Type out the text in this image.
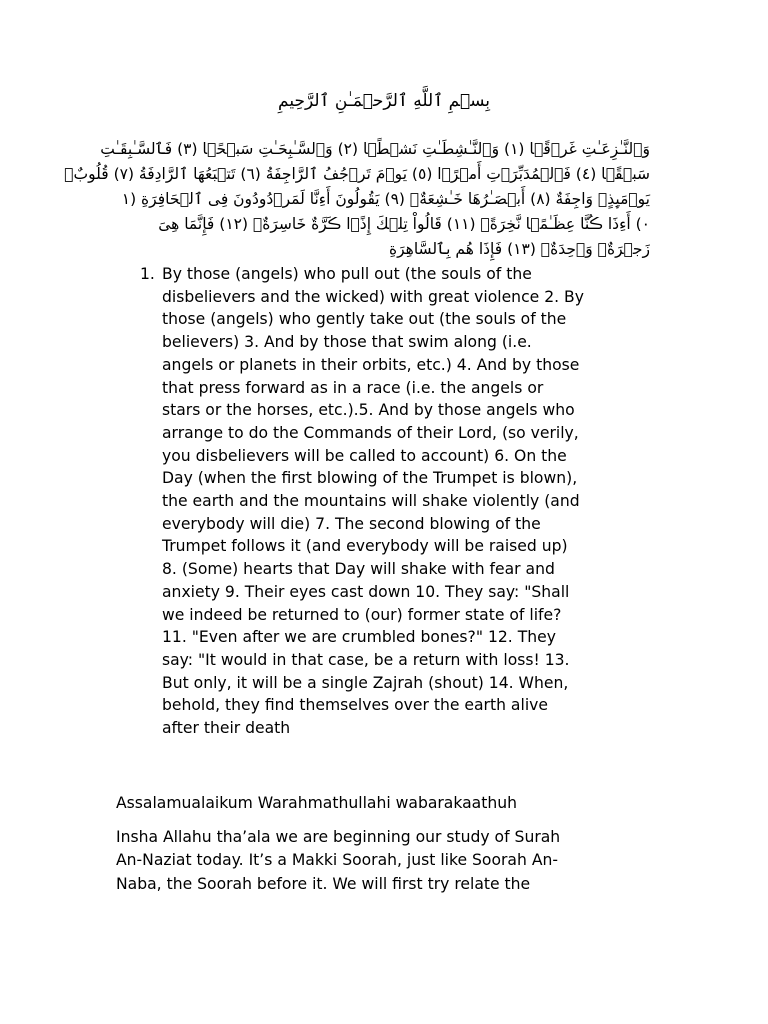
بِسۡمِ ٱللَّهِ ٱلرَّحۡمَـٰنِ ٱلرَّحِيمِ
وَٱلنَّـٰزِعَـٰتِ غَرۡقً۬ا (١) وَٱلنَّـٰشِطَـٰتِ نَشۡطً۬ا (٢) وَٱلسَّـٰبِحَـٰتِ سَبۡحً۬ا (٣) فَٱلسَّـٰبِقَـٰتِ
سَبۡقً۬ا (٤) فَٱلۡمُدَبِّرَٲتِ أَمۡرً۬ا (٥) يَوۡمَ تَرۡجُفُ ٱلرَّاجِفَةُ (٦) تَتۡبَعُهَا ٱلرَّادِفَةُ (٧) قُلُوبٌ۬
يَوۡمَٮِٕذٍ۬ وَاجِفَةٌ (٨) أَبۡصَـٰرُهَا خَـٰشِعَةٌ۬ (٩) يَقُولُونَ أَءِنَّا لَمَرۡدُودُونَ فِى ٱلۡحَافِرَةِ (١
٠) أَءِذَا ڪُنَّا عِظَـٰمً۬ا نَّخِرَةً۬ (١١) قَالُواْ تِلۡكَ إِذً۬ا ڪَرَّةٌ خَاسِرَةٌ۬ (١٢) فَإِنَّمَا هِىَ
زَجۡرَةٌ۬ وَٲحِدَةٌ۬ (١٣) فَإِذَا هُم بِٱلسَّاهِرَةِ
1. By those (angels) who pull out (the souls of the
disbelievers and the wicked) with great violence 2. By
those (angels) who gently take out (the souls of the
believers) 3. And by those that swim along (i.e.
angels or planets in their orbits, etc.) 4. And by those
that press forward as in a race (i.e. the angels or
stars or the horses, etc.).5. And by those angels who
arrange to do the Commands of their Lord, (so verily,
you disbelievers will be called to account) 6. On the
Day (when the first blowing of the Trumpet is blown),
the earth and the mountains will shake violently (and
everybody will die) 7. The second blowing of the
Trumpet follows it (and everybody will be raised up)
8. (Some) hearts that Day will shake with fear and
anxiety 9. Their eyes cast down 10. They say: "Shall
we indeed be returned to (our) former state of life?
11. "Even after we are crumbled bones?" 12. They
say: "It would in that case, be a return with loss! 13.
But only, it will be a single Zajrah (shout) 14. When,
behold, they find themselves over the earth alive
after their death
Assalamualaikum Warahmathullahi wabarakaathuh
Insha Allahu tha’ala we are beginning our study of Surah
An-Naziat today. It’s a Makki Soorah, just like Soorah An-
Naba, the Soorah before it. We will first try relate the
